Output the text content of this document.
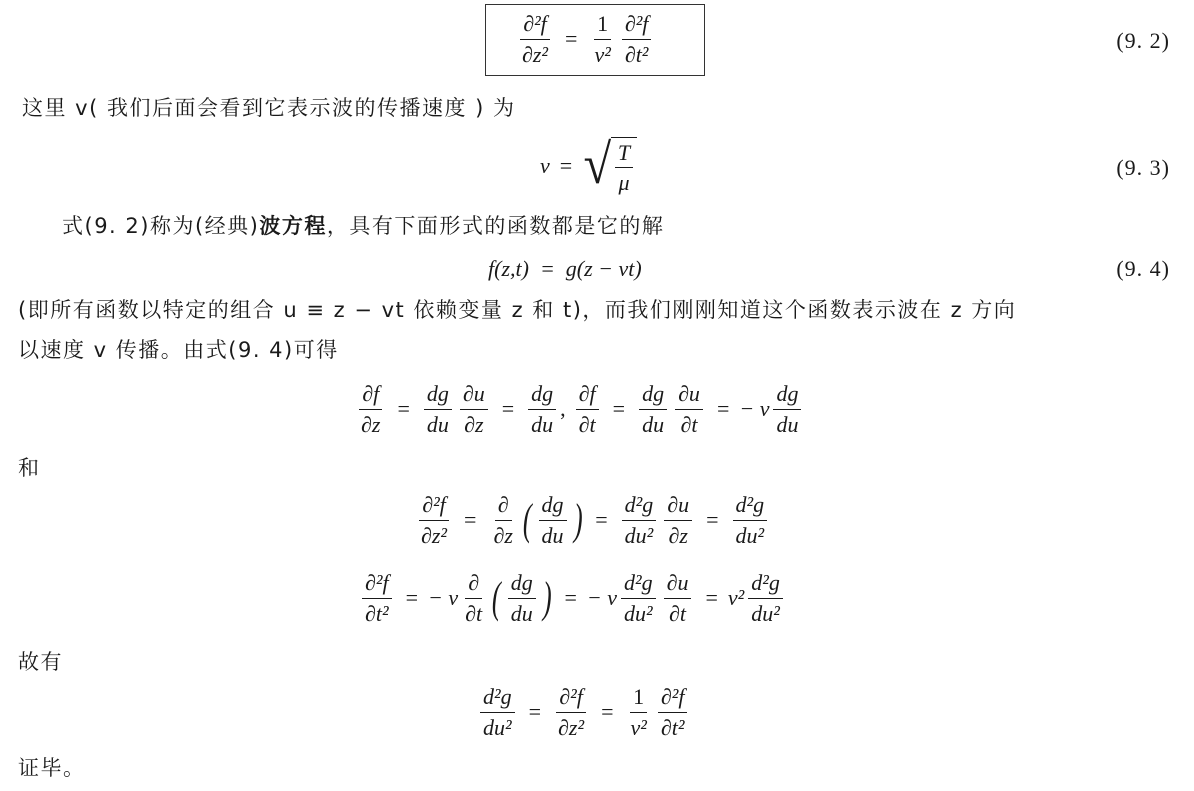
$\frac{\text{∂²f}}{\text{∂z²}} = \frac{1}{\text{v²}} \frac{\text{∂²f}}{\text{∂t²}}$	(9. 2)
这里 v( 我们后面会看到它表示波的传播速度 ) 为
v = √ $\frac{T}{\mu}$	(9. 3)
式(9. 2)称为(经典)波方程，具有下面形式的函数都是它的解
f(z,t)  =  g(z − vt)	(9. 4)
(即所有函数以特定的组合 u ≡ z − vt 依赖变量 z 和 t)，而我们刚刚知道这个函数表示波在 z 方向
以速度 v 传播。由式(9. 4)可得
$\frac{\partial f}{\partial z} = \frac{dg}{du} \frac{\partial u}{\partial z} = \frac{dg}{du}$ , $\frac{\partial f}{\partial t} = \frac{dg}{du} \frac{\partial u}{\partial t}$ = − v $\frac{dg}{du}$
和
$\frac{\text{∂²f}}{\text{∂z²}} = \frac{\partial}{\partial z}$ ( $\frac{dg}{du}$ ) = $\frac{\text{d²g}}{\text{du²}} \frac{\partial u}{\partial z} = \frac{\text{d²g}}{\text{du²}}$
$\frac{\text{∂²f}}{\text{∂t²}}$ = − v $\frac{\partial}{\partial t}$ ( $\frac{dg}{du}$ ) = − v $\frac{\text{d²g}}{\text{du²}} \frac{\partial u}{\partial t} = v^2 \frac{\text{d²g}}{\text{du²}}$
故有
$\frac{\text{d²g}}{\text{du²}} = \frac{\text{∂²f}}{\text{∂z²}} = \frac{1}{\text{v²}} \frac{\text{∂²f}}{\text{∂t²}}$
证毕。
